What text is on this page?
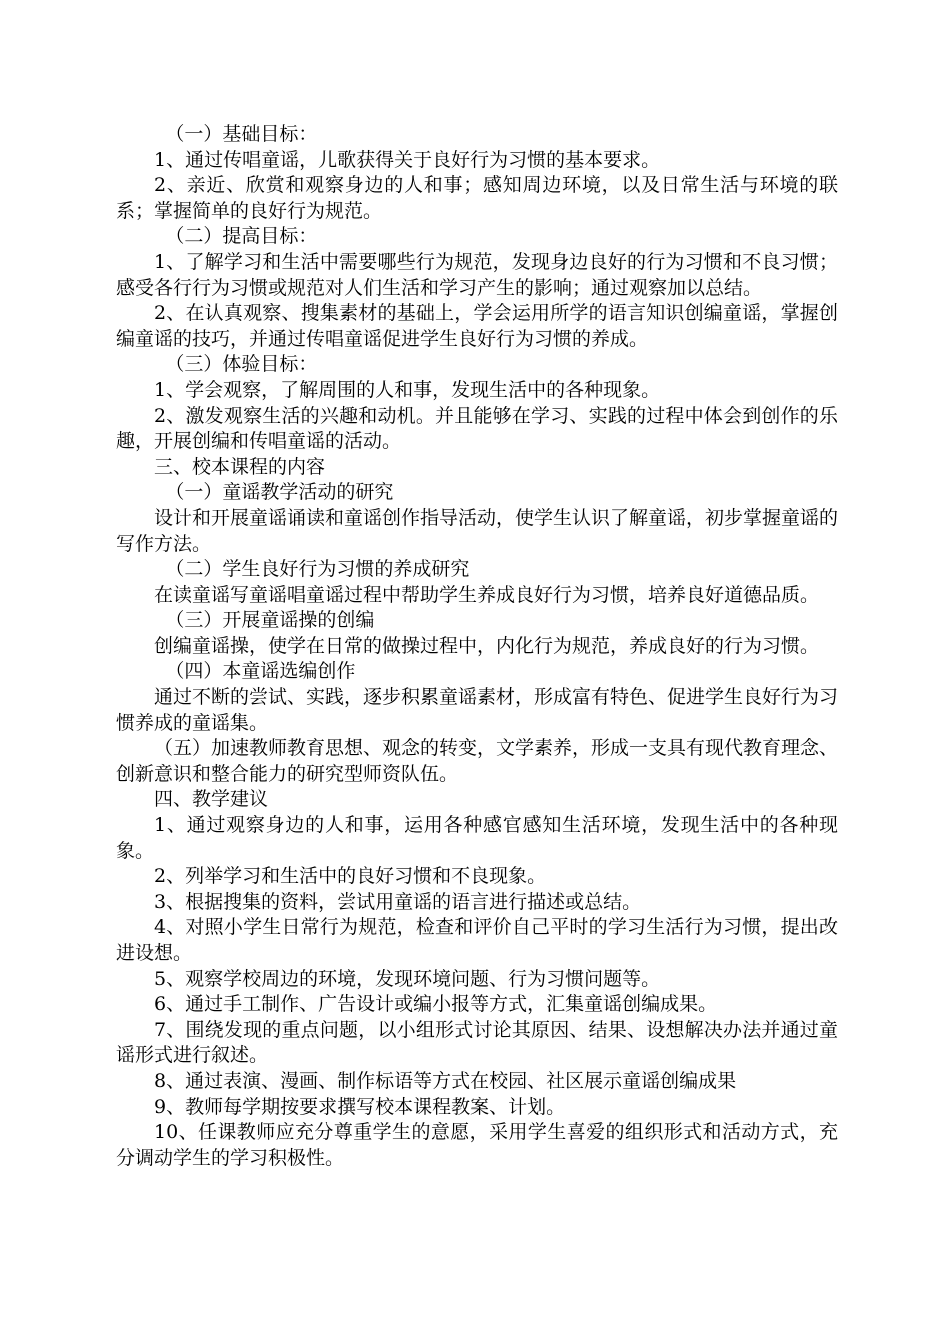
（一）基础目标：

1、通过传唱童谣，儿歌获得关于良好行为习惯的基本要求。

2、亲近、欣赏和观察身边的人和事；感知周边环境，以及日常生活与环境的联系；掌握简单的良好行为规范。

（二）提高目标：

1、了解学习和生活中需要哪些行为规范，发现身边良好的行为习惯和不良习惯；感受各行行为习惯或规范对人们生活和学习产生的影响；通过观察加以总结。

2、在认真观察、搜集素材的基础上，学会运用所学的语言知识创编童谣，掌握创编童谣的技巧，并通过传唱童谣促进学生良好行为习惯的养成。

（三）体验目标：

1、学会观察，了解周围的人和事，发现生活中的各种现象。

2、激发观察生活的兴趣和动机。并且能够在学习、实践的过程中体会到创作的乐趣，开展创编和传唱童谣的活动。

三、校本课程的内容

（一）童谣教学活动的研究

设计和开展童谣诵读和童谣创作指导活动，使学生认识了解童谣，初步掌握童谣的写作方法。

（二）学生良好行为习惯的养成研究

在读童谣写童谣唱童谣过程中帮助学生养成良好行为习惯，培养良好道德品质。

（三）开展童谣操的创编

创编童谣操，使学在日常的做操过程中，内化行为规范，养成良好的行为习惯。

（四）本童谣选编创作

通过不断的尝试、实践，逐步积累童谣素材，形成富有特色、促进学生良好行为习惯养成的童谣集。

（五）加速教师教育思想、观念的转变，文学素养，形成一支具有现代教育理念、创新意识和整合能力的研究型师资队伍。

四、教学建议

1、通过观察身边的人和事，运用各种感官感知生活环境，发现生活中的各种现象。

2、列举学习和生活中的良好习惯和不良现象。

3、根据搜集的资料，尝试用童谣的语言进行描述或总结。

4、对照小学生日常行为规范，检查和评价自己平时的学习生活行为习惯，提出改进设想。

5、观察学校周边的环境，发现环境问题、行为习惯问题等。

6、通过手工制作、广告设计或编小报等方式，汇集童谣创编成果。

7、围绕发现的重点问题，以小组形式讨论其原因、结果、设想解决办法并通过童谣形式进行叙述。

8、通过表演、漫画、制作标语等方式在校园、社区展示童谣创编成果

9、教师每学期按要求撰写校本课程教案、计划。

10、任课教师应充分尊重学生的意愿，采用学生喜爱的组织形式和活动方式，充分调动学生的学习积极性。
